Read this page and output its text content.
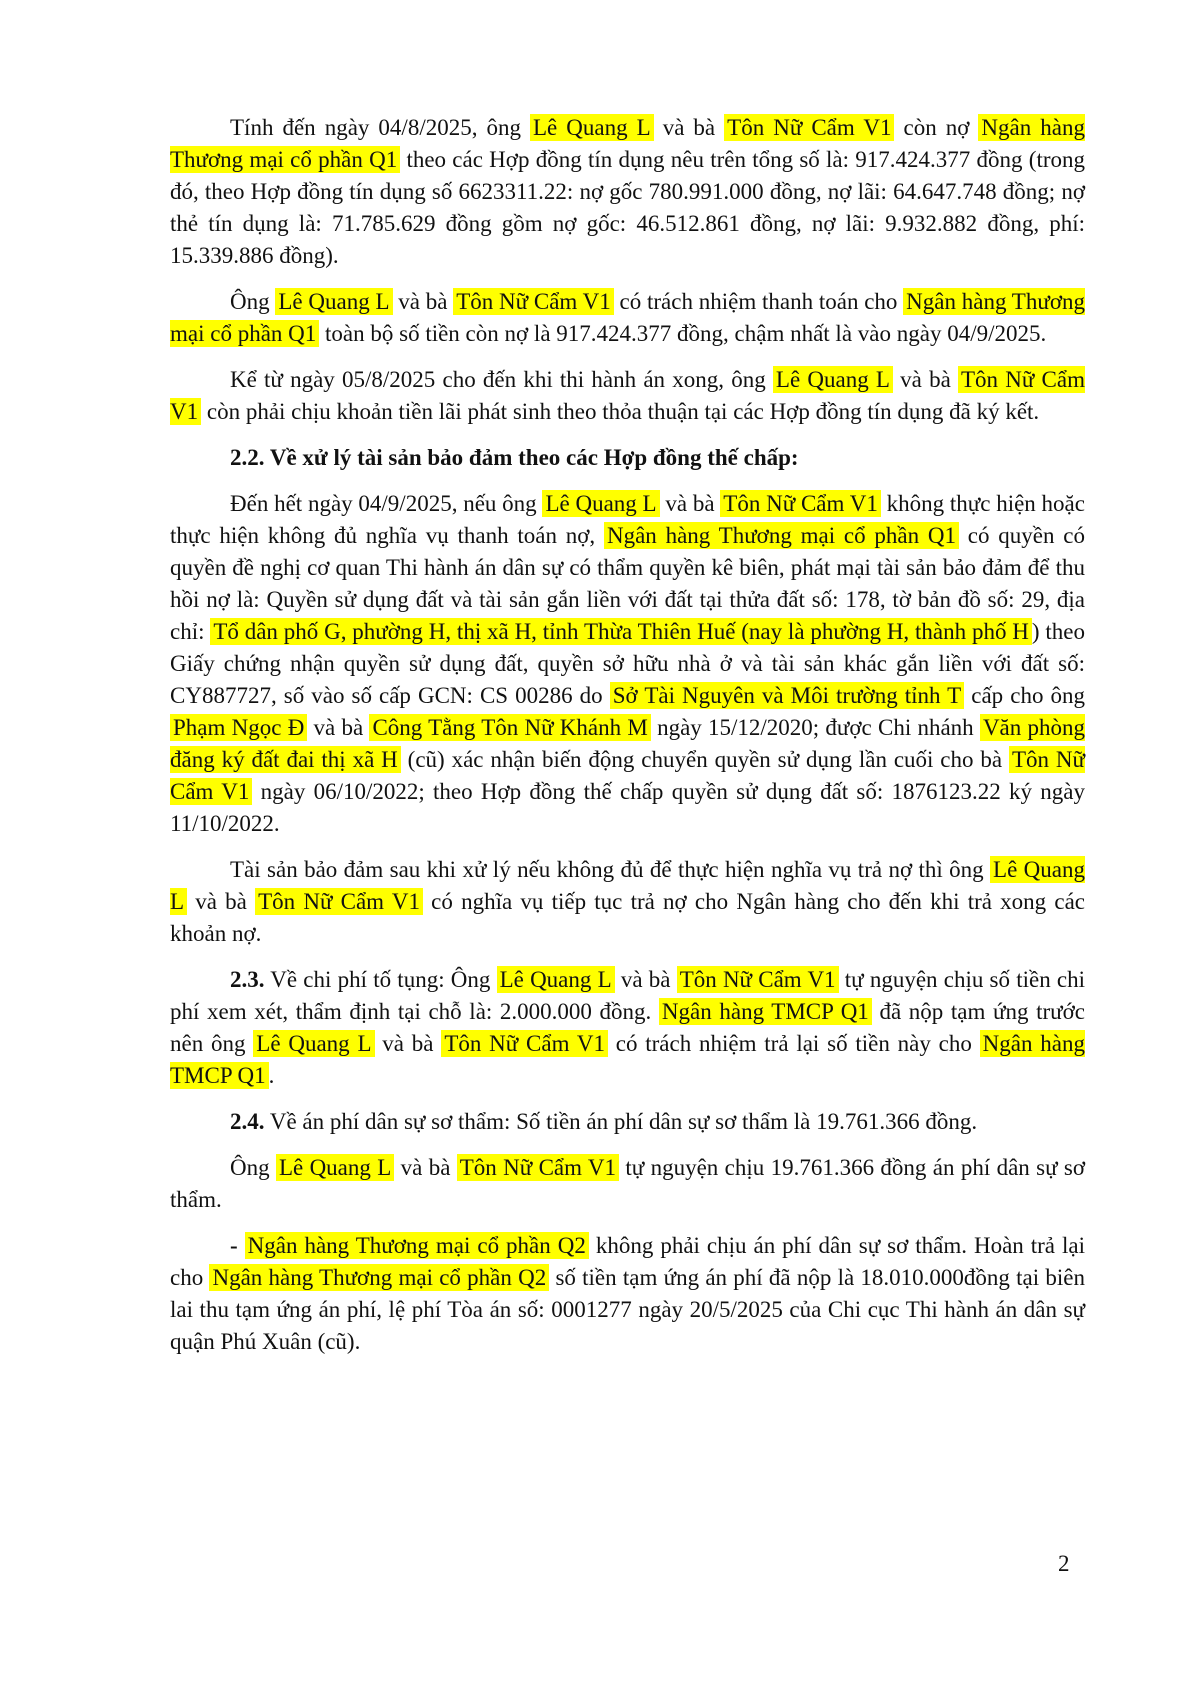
Tính đến ngày 04/8/2025, ông Lê Quang L và bà Tôn Nữ Cẩm V1 còn nợ Ngân hàng Thương mại cổ phần Q1 theo các Hợp đồng tín dụng nêu trên tổng số là: 917.424.377 đồng (trong đó, theo Hợp đồng tín dụng số 6623311.22: nợ gốc 780.991.000 đồng, nợ lãi: 64.647.748 đồng; nợ thẻ tín dụng là: 71.785.629 đồng gồm nợ gốc: 46.512.861 đồng, nợ lãi: 9.932.882 đồng, phí: 15.339.886 đồng).

Ông Lê Quang L và bà Tôn Nữ Cẩm V1 có trách nhiệm thanh toán cho Ngân hàng Thương mại cổ phần Q1 toàn bộ số tiền còn nợ là 917.424.377 đồng, chậm nhất là vào ngày 04/9/2025.

Kể từ ngày 05/8/2025 cho đến khi thi hành án xong, ông Lê Quang L và bà Tôn Nữ Cẩm V1 còn phải chịu khoản tiền lãi phát sinh theo thỏa thuận tại các Hợp đồng tín dụng đã ký kết.

2.2. Về xử lý tài sản bảo đảm theo các Hợp đồng thế chấp:

Đến hết ngày 04/9/2025, nếu ông Lê Quang L và bà Tôn Nữ Cẩm V1 không thực hiện hoặc thực hiện không đủ nghĩa vụ thanh toán nợ, Ngân hàng Thương mại cổ phần Q1 có quyền có quyền đề nghị cơ quan Thi hành án dân sự có thẩm quyền kê biên, phát mại tài sản bảo đảm để thu hồi nợ là: Quyền sử dụng đất và tài sản gắn liền với đất tại thửa đất số: 178, tờ bản đồ số: 29, địa chỉ: Tổ dân phố G, phường H, thị xã H, tỉnh Thừa Thiên Huế (nay là phường H, thành phố H ) theo Giấy chứng nhận quyền sử dụng đất, quyền sở hữu nhà ở và tài sản khác gắn liền với đất số: CY887727, số vào số cấp GCN: CS 00286 do Sở Tài Nguyên và Môi trường tỉnh T cấp cho ông Phạm Ngọc Đ và bà Công Tằng Tôn Nữ Khánh M ngày 15/12/2020; được Chi nhánh Văn phòng đăng ký đất đai thị xã H (cũ) xác nhận biến động chuyển quyền sử dụng lần cuối cho bà Tôn Nữ Cẩm V1 ngày 06/10/2022; theo Hợp đồng thế chấp quyền sử dụng đất số: 1876123.22 ký ngày 11/10/2022.

Tài sản bảo đảm sau khi xử lý nếu không đủ để thực hiện nghĩa vụ trả nợ thì ông Lê Quang L và bà Tôn Nữ Cẩm V1 có nghĩa vụ tiếp tục trả nợ cho Ngân hàng cho đến khi trả xong các khoản nợ.

2.3. Về chi phí tố tụng: Ông Lê Quang L và bà Tôn Nữ Cẩm V1 tự nguyện chịu số tiền chi phí xem xét, thẩm định tại chỗ là: 2.000.000 đồng. Ngân hàng TMCP Q1 đã nộp tạm ứng trước nên ông Lê Quang L và bà Tôn Nữ Cẩm V1 có trách nhiệm trả lại số tiền này cho Ngân hàng TMCP Q1 .

2.4. Về án phí dân sự sơ thẩm: Số tiền án phí dân sự sơ thẩm là 19.761.366 đồng.

Ông Lê Quang L và bà Tôn Nữ Cẩm V1 tự nguyện chịu 19.761.366 đồng án phí dân sự sơ thẩm.

- Ngân hàng Thương mại cổ phần Q2 không phải chịu án phí dân sự sơ thẩm. Hoàn trả lại cho Ngân hàng Thương mại cổ phần Q2 số tiền tạm ứng án phí đã nộp là 18.010.000đồng tại biên lai thu tạm ứng án phí, lệ phí Tòa án số: 0001277 ngày 20/5/2025 của Chi cục Thi hành án dân sự quận Phú Xuân (cũ).

2
